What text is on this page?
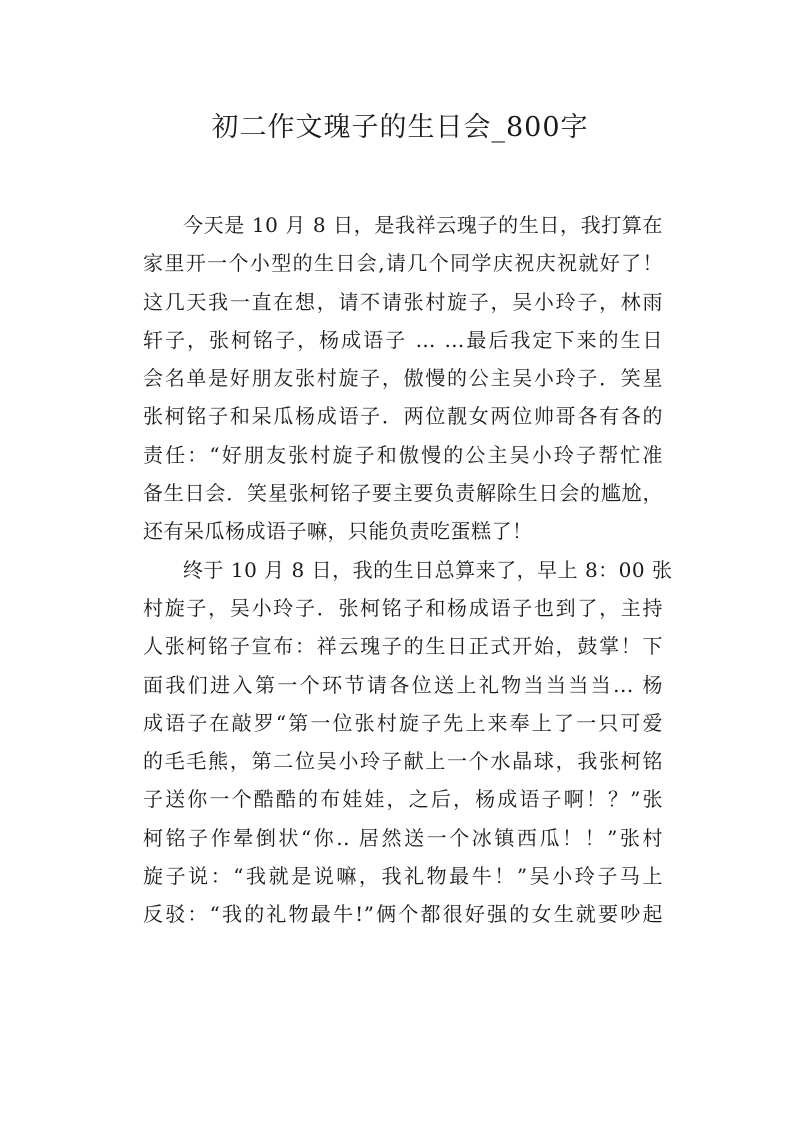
初二作文瑰子的生日会_800字
今天是 10 月 8 日，是我祥云瑰子的生日，我打算在
家里开一个小型的生日会,请几个同学庆祝庆祝就好了！
这几天我一直在想，请不请张村旋子，吴小玲子，林雨
轩子，张柯铭子，杨成语子 … …最后我定下来的生日
会名单是好朋友张村旋子，傲慢的公主吴小玲子．笑星
张柯铭子和呆瓜杨成语子．两位靓女两位帅哥各有各的
责任：“好朋友张村旋子和傲慢的公主吴小玲子帮忙准
备生日会．笑星张柯铭子要主要负责解除生日会的尴尬，
还有呆瓜杨成语子嘛，只能负责吃蛋糕了！
终于 10 月 8 日，我的生日总算来了，早上 8：00 张
村旋子，吴小玲子．张柯铭子和杨成语子也到了，主持
人张柯铭子宣布：祥云瑰子的生日正式开始，鼓掌！下
面我们进入第一个环节请各位送上礼物当当当当... 杨
成语子在敲罗“第一位张村旋子先上来奉上了一只可爱
的毛毛熊，第二位吴小玲子献上一个水晶球，我张柯铭
子送你一个酷酷的布娃娃，之后，杨成语子啊！？”张
柯铭子作晕倒状“你.. 居然送一个冰镇西瓜！！”张村
旋子说：“我就是说嘛，我礼物最牛！”吴小玲子马上
反驳：“我的礼物最牛!”俩个都很好强的女生就要吵起
